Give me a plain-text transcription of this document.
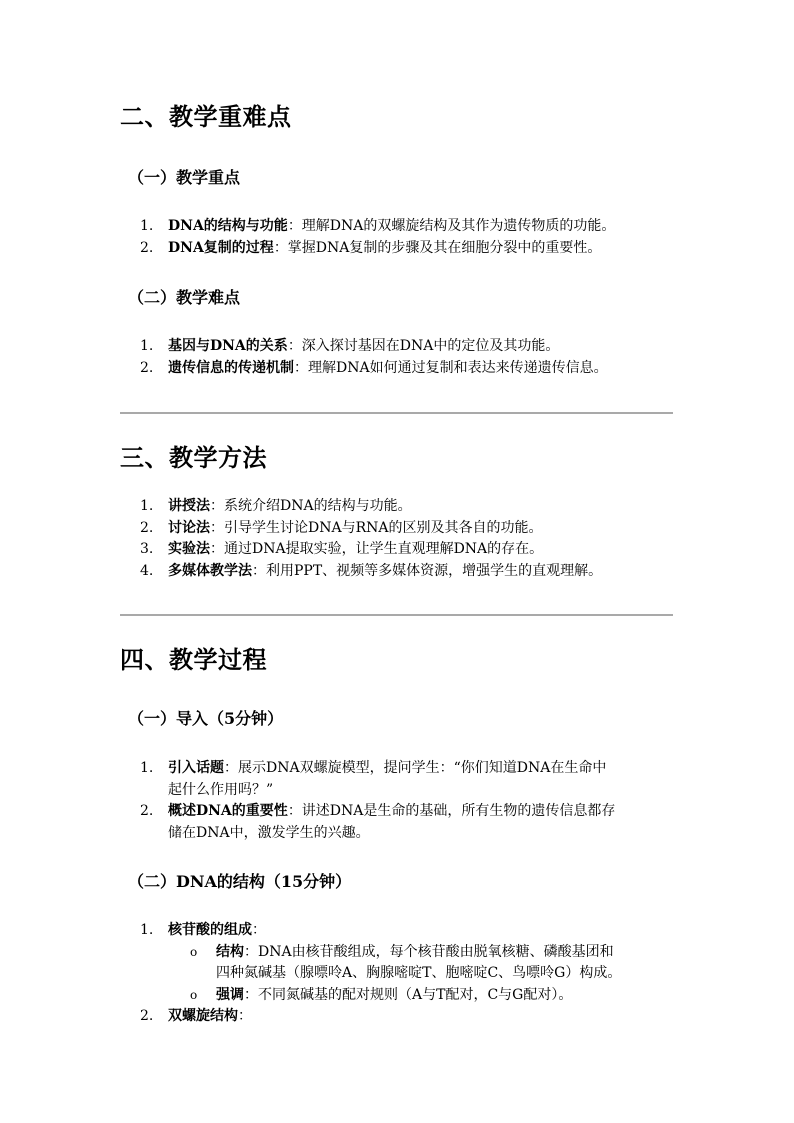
二、教学重难点
（一）教学重点
1. DNA的结构与功能：理解DNA的双螺旋结构及其作为遗传物质的功能。
2. DNA复制的过程：掌握DNA复制的步骤及其在细胞分裂中的重要性。
（二）教学难点
1. 基因与DNA的关系：深入探讨基因在DNA中的定位及其功能。
2. 遗传信息的传递机制：理解DNA如何通过复制和表达来传递遗传信息。
三、教学方法
1. 讲授法：系统介绍DNA的结构与功能。
2. 讨论法：引导学生讨论DNA与RNA的区别及其各自的功能。
3. 实验法：通过DNA提取实验，让学生直观理解DNA的存在。
4. 多媒体教学法：利用PPT、视频等多媒体资源，增强学生的直观理解。
四、教学过程
（一）导入（5分钟）
1. 引入话题：展示DNA双螺旋模型，提问学生：“你们知道DNA在生命中
起什么作用吗？”
2. 概述DNA的重要性：讲述DNA是生命的基础，所有生物的遗传信息都存
储在DNA中，激发学生的兴趣。
（二）DNA的结构（15分钟）
1. 核苷酸的组成：
o 结构：DNA由核苷酸组成，每个核苷酸由脱氧核糖、磷酸基团和
四种氮碱基（腺嘌呤A、胸腺嘧啶T、胞嘧啶C、鸟嘌呤G）构成。
o 强调：不同氮碱基的配对规则（A与T配对，C与G配对）。
2. 双螺旋结构：
